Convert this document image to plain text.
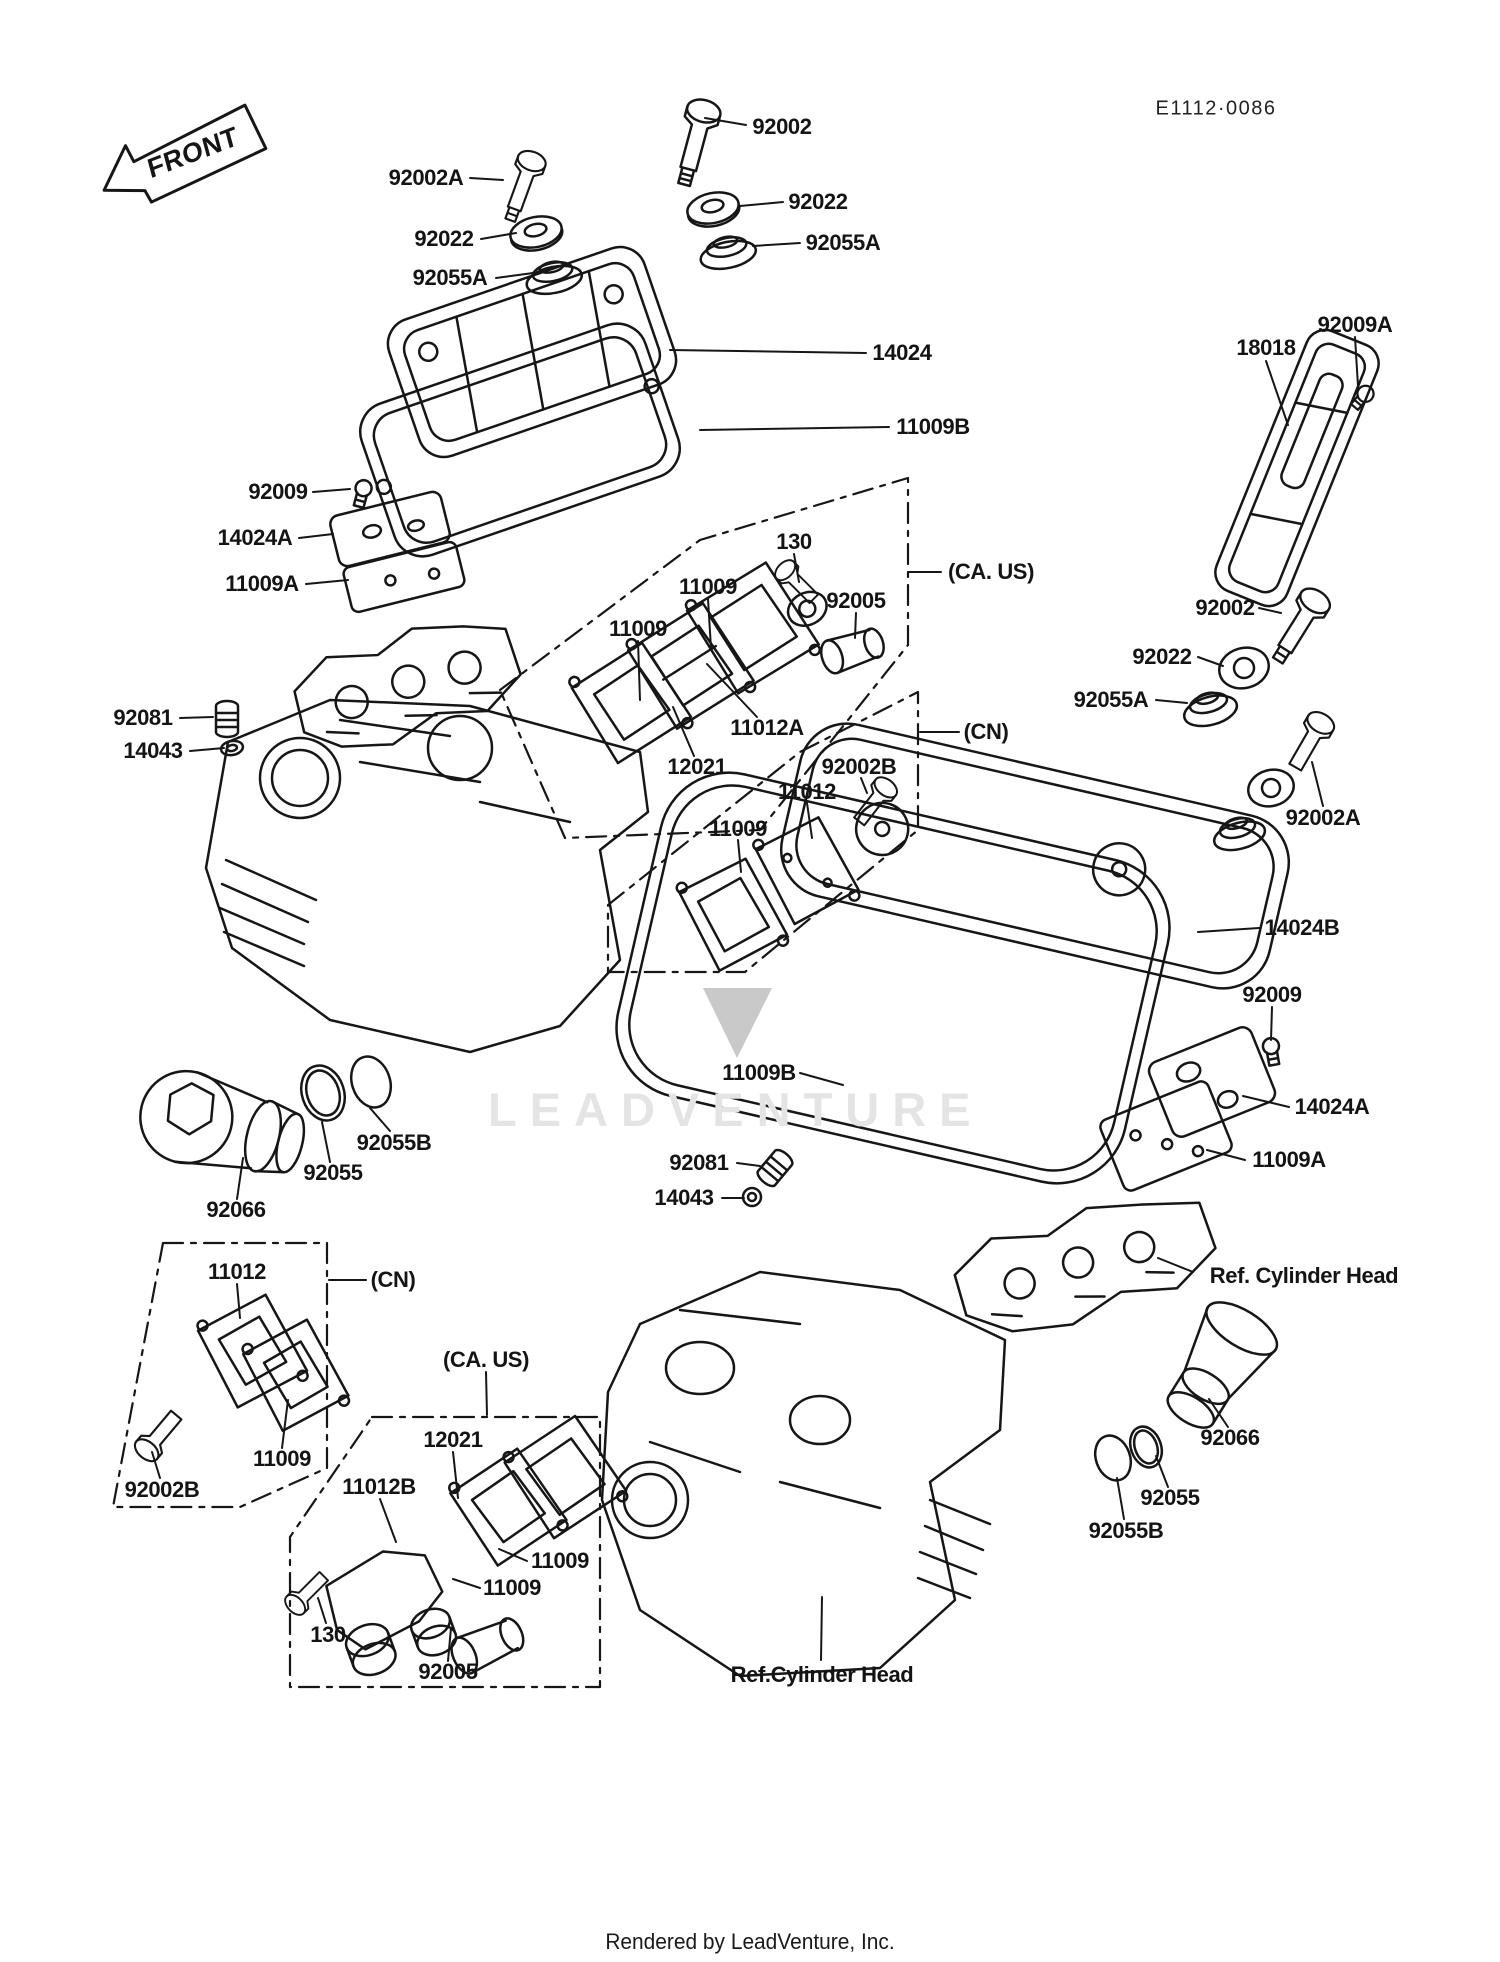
LEADVENTURE
E1112·0086
FRONT	92002
92002A
92022
92055A
92022
92055A
14024
11009B
18018
92009A
92009
14024A
11009A	11009
11009
130
92005
(CA. US)
11012A	(CN)
12021	92002B
11012
11009
92081
14043
92002
92022
92055A
92002A
14024B
92009
14024A
11009A
11009B
92055B
92055
92066
92081
14043
11012	(CN)
11009
92002B
(CA. US)
12021
11012B
11009
11009
130
92005	Ref.Cylinder Head
Ref. Cylinder Head
92066
92055
92055B
Rendered by LeadVenture, Inc.
